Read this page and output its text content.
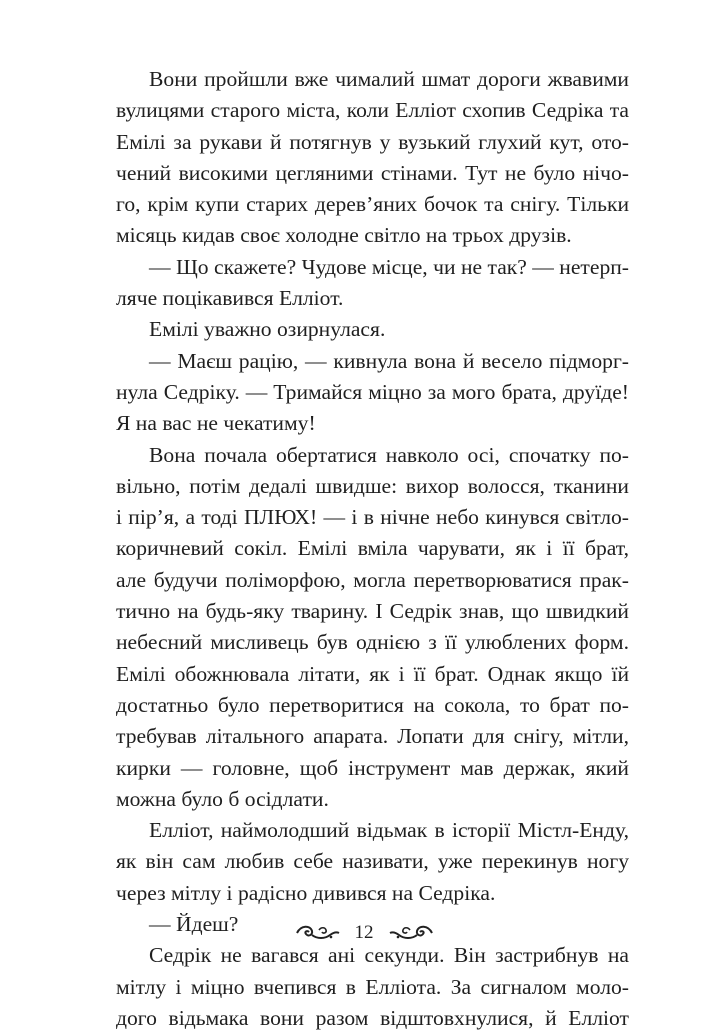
Вони пройшли вже чималий шмат дороги жвавими
вулицями старого міста, коли Елліот схопив Седріка та
Емілі за рукави й потягнув у вузький глухий кут, ото-
чений високими цегляними стінами. Тут не було нічо-
го, крім купи старих дерев’яних бочок та снігу. Тільки
місяць кидав своє холодне світло на трьох друзів.
— Що скажете? Чудове місце, чи не так? — нетерп-
ляче поцікавився Елліот.
Емілі уважно озирнулася.
— Маєш рацію, — кивнула вона й весело підморг-
нула Седріку. — Тримайся міцно за мого брата, друїде!
Я на вас не чекатиму!
Вона почала обертатися навколо осі, спочатку по-
вільно, потім дедалі швидше: вихор волосся, тканини
і пір’я, а тоді ПЛЮХ! — і в нічне небо кинувся світло-
коричневий сокіл. Емілі вміла чарувати, як і її брат,
але будучи поліморфою, могла перетворюватися прак-
тично на будь-яку тварину. І Седрік знав, що швидкий
небесний мисливець був однією з її улюблених форм.
Емілі обожнювала літати, як і її брат. Однак якщо їй
достатньо було перетворитися на сокола, то брат по-
требував літального апарата. Лопати для снігу, мітли,
кирки — головне, щоб інструмент мав держак, який
можна було б осідлати.
Елліот, наймолодший відьмак в історії Містл-Енду,
як він сам любив себе називати, уже перекинув ногу
через мітлу і радісно дивився на Седріка.
— Йдеш?
Седрік не вагався ані секунди. Він застрибнув на
мітлу і міцно вчепився в Елліота. За сигналом моло-
дого відьмака вони разом відштовхнулися, й Елліот
12
